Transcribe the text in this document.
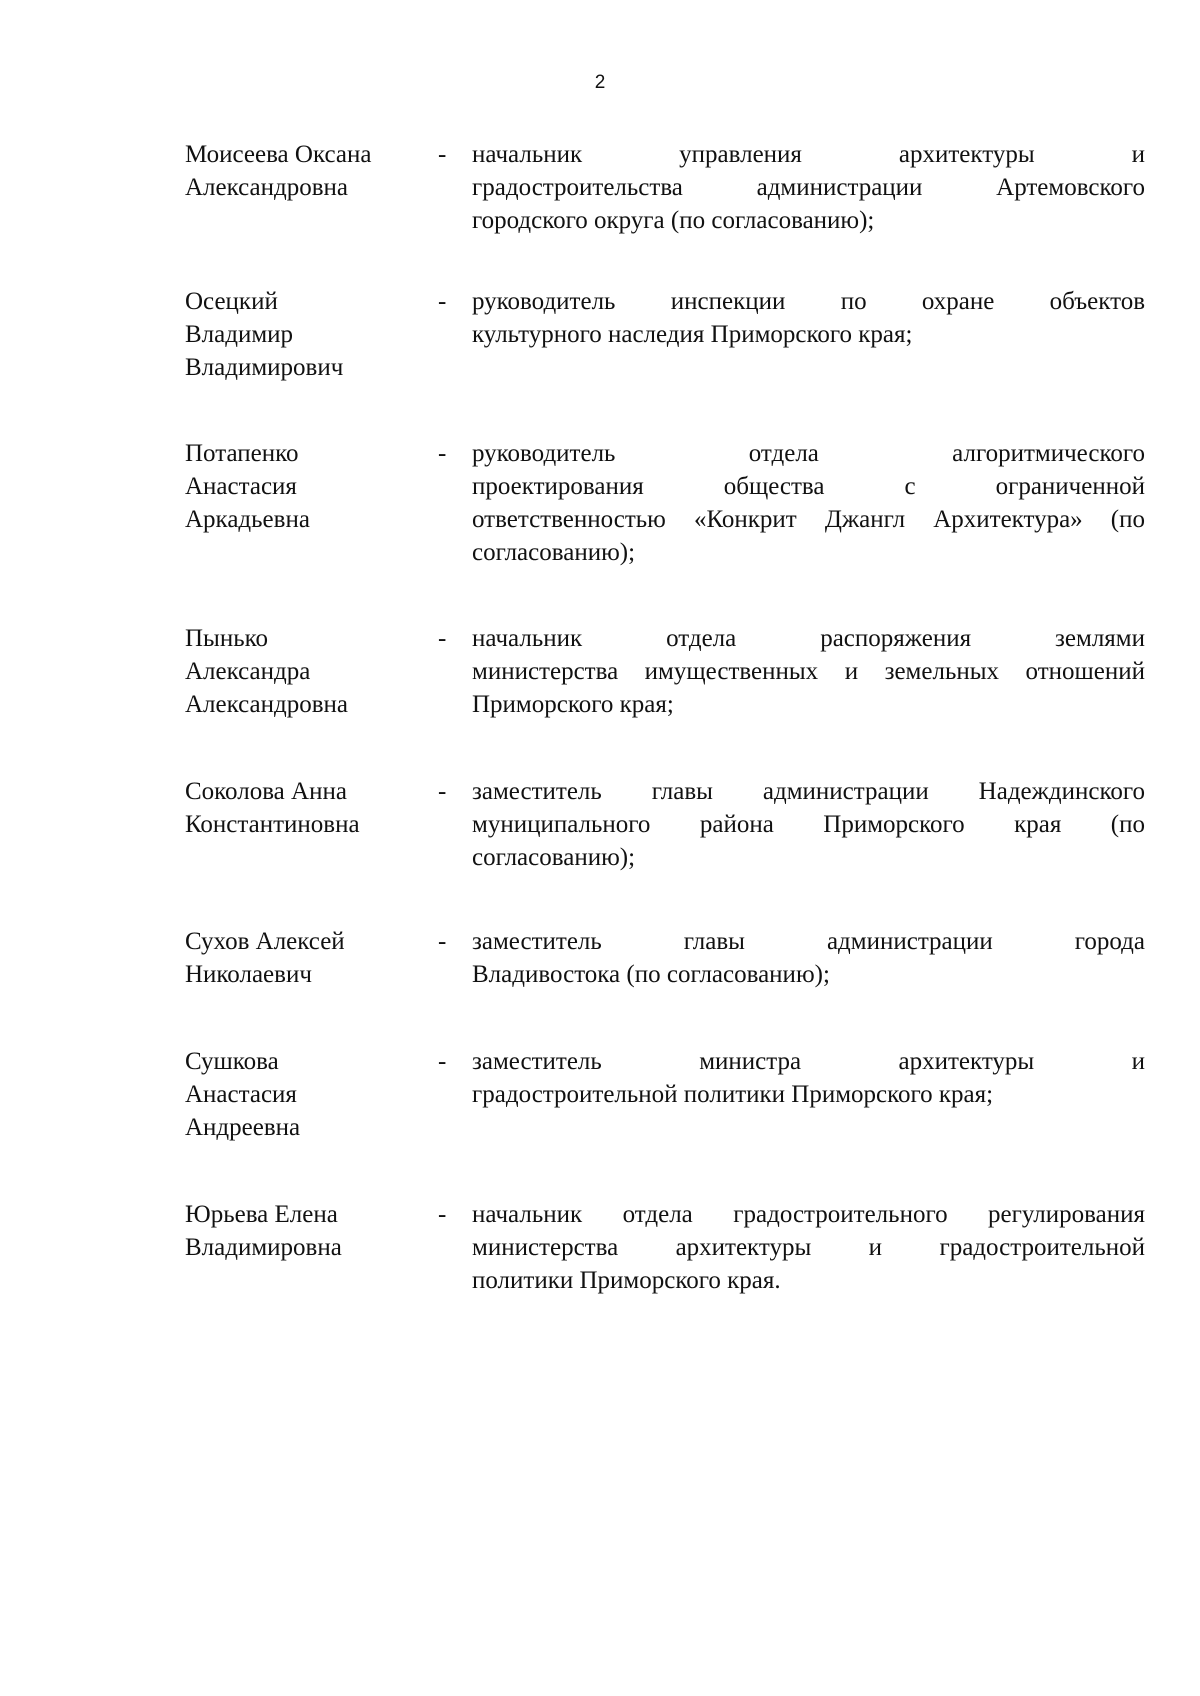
2
Моисеева Оксана
Александровна
- начальник управления архитектуры и
градостроительства администрации Артемовского
городского округа (по согласованию);
Осецкий
Владимир
Владимирович
- руководитель инспекции по охране объектов
культурного наследия Приморского края;
Потапенко
Анастасия
Аркадьевна
- руководитель отдела алгоритмического
проектирования общества с ограниченной
ответственностью «Конкрит Джангл Архитектура» (по
согласованию);
Пынько
Александра
Александровна
- начальник отдела распоряжения землями
министерства имущественных и земельных отношений
Приморского края;
Соколова Анна
Константиновна
- заместитель главы администрации Надеждинского
муниципального района Приморского края (по
согласованию);
Сухов Алексей
Николаевич
- заместитель главы администрации города
Владивостока (по согласованию);
Сушкова
Анастасия
Андреевна
- заместитель министра архитектуры и
градостроительной политики Приморского края;
Юрьева Елена
Владимировна
- начальник отдела градостроительного регулирования
министерства архитектуры и градостроительной
политики Приморского края.
